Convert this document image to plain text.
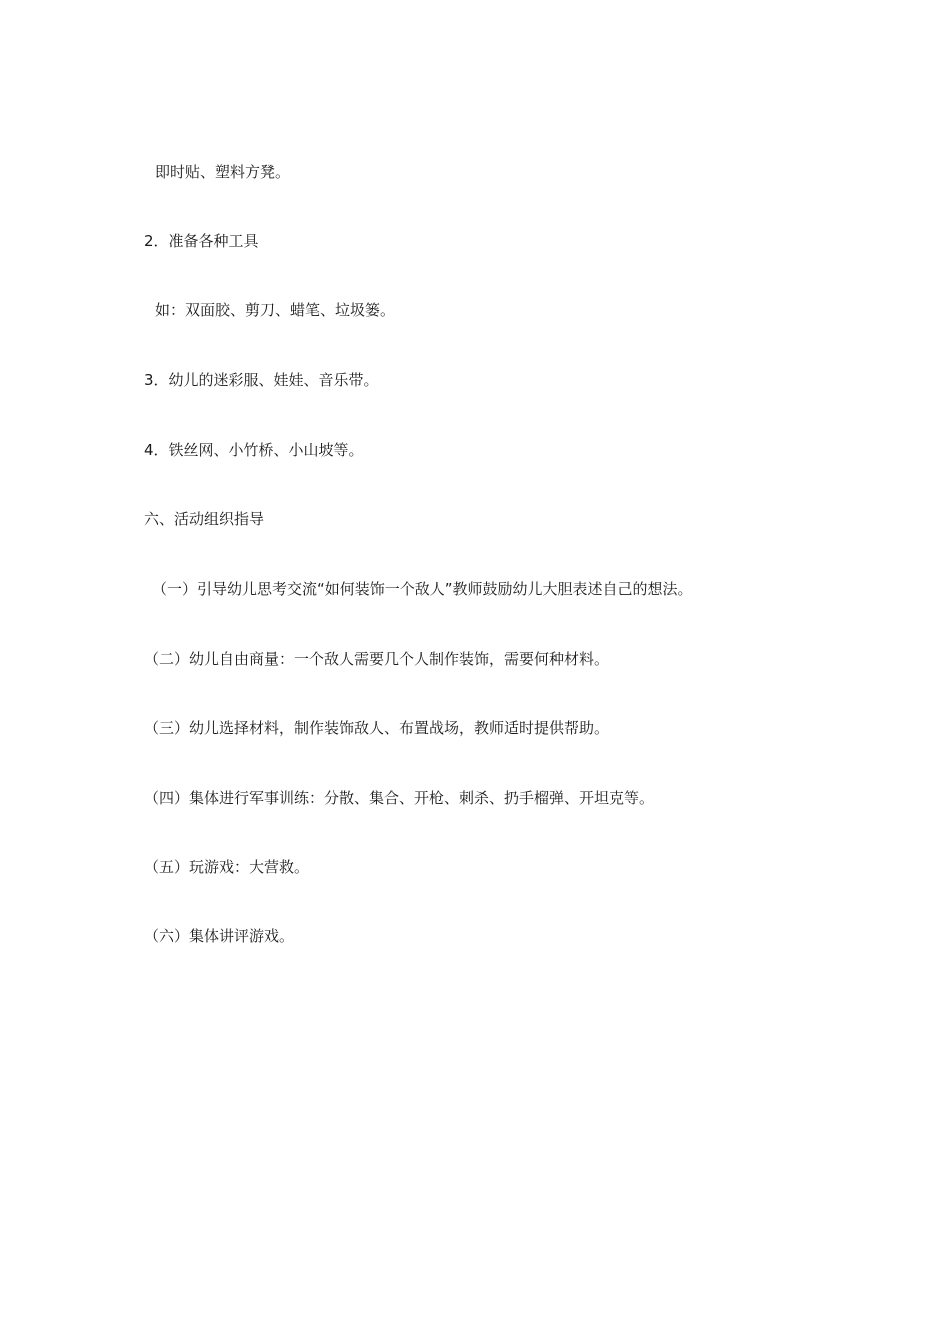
即时贴、塑料方凳。
2．准备各种工具
如：双面胶、剪刀、蜡笔、垃圾篓。
3．幼儿的迷彩服、娃娃、音乐带。
4．铁丝网、小竹桥、小山坡等。
六、活动组织指导
（一）引导幼儿思考交流“如何装饰一个敌人”教师鼓励幼儿大胆表述自己的想法。
（二）幼儿自由商量：一个敌人需要几个人制作装饰，需要何种材料。
（三）幼儿选择材料，制作装饰敌人、布置战场，教师适时提供帮助。
（四）集体进行军事训练：分散、集合、开枪、刺杀、扔手榴弹、开坦克等。
（五）玩游戏：大营救。
（六）集体讲评游戏。
